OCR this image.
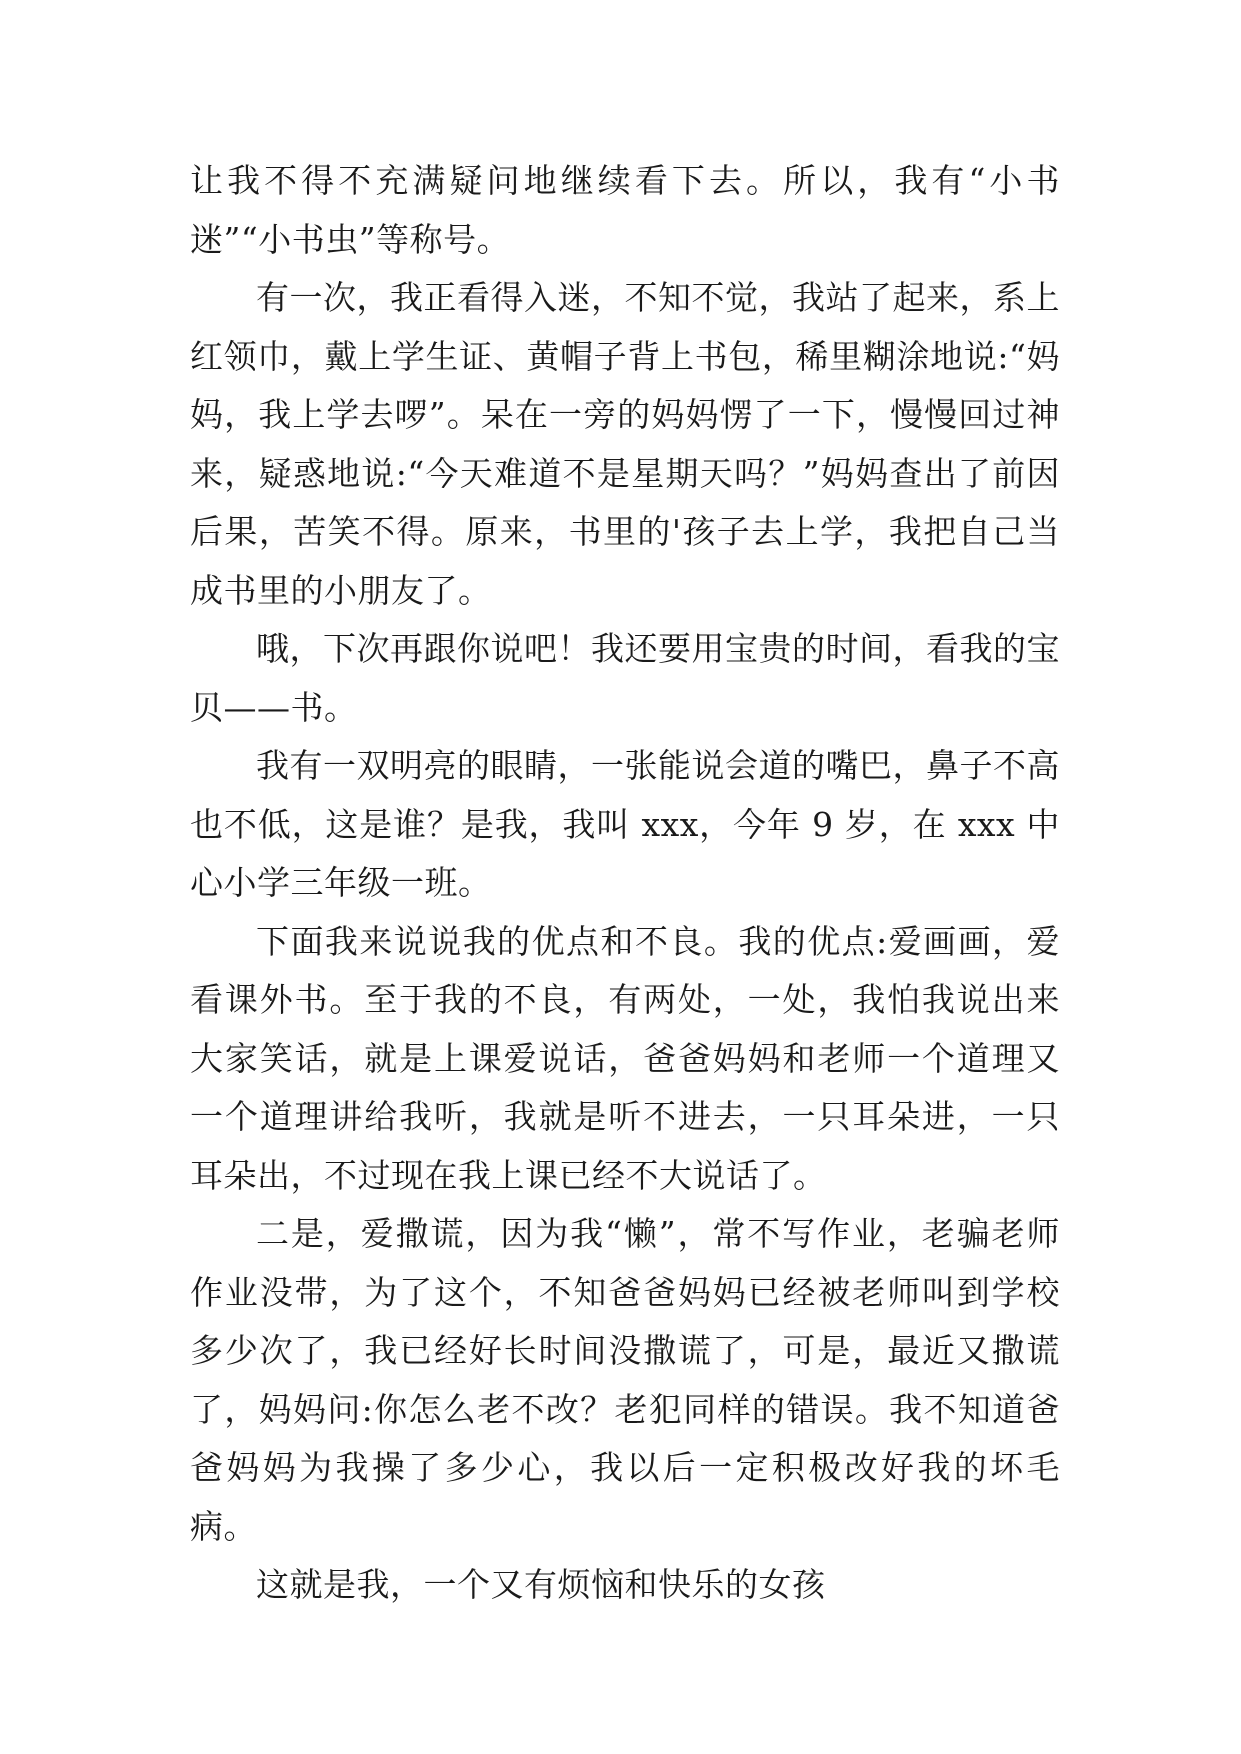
让我不得不充满疑问地继续看下去。所以，我有“小书迷”“小书虫”等称号。

有一次，我正看得入迷，不知不觉，我站了起来，系上红领巾，戴上学生证、黄帽子背上书包，稀里糊涂地说:“妈妈，我上学去啰”。呆在一旁的妈妈愣了一下，慢慢回过神来，疑惑地说:“今天难道不是星期天吗？”妈妈查出了前因后果，苦笑不得。原来，书里的'孩子去上学，我把自己当成书里的小朋友了。

哦，下次再跟你说吧！我还要用宝贵的时间，看我的宝贝——书。

我有一双明亮的眼睛，一张能说会道的嘴巴，鼻子不高也不低，这是谁？是我，我叫 xxx，今年 9 岁，在 xxx 中心小学三年级一班。

下面我来说说我的优点和不良。我的优点:爱画画，爱看课外书。至于我的不良，有两处，一处，我怕我说出来大家笑话，就是上课爱说话，爸爸妈妈和老师一个道理又一个道理讲给我听，我就是听不进去，一只耳朵进，一只耳朵出，不过现在我上课已经不大说话了。

二是，爱撒谎，因为我“懒”，常不写作业，老骗老师作业没带，为了这个，不知爸爸妈妈已经被老师叫到学校多少次了，我已经好长时间没撒谎了，可是，最近又撒谎了，妈妈问:你怎么老不改？老犯同样的错误。我不知道爸爸妈妈为我操了多少心，我以后一定积极改好我的坏毛病。

这就是我，一个又有烦恼和快乐的女孩
